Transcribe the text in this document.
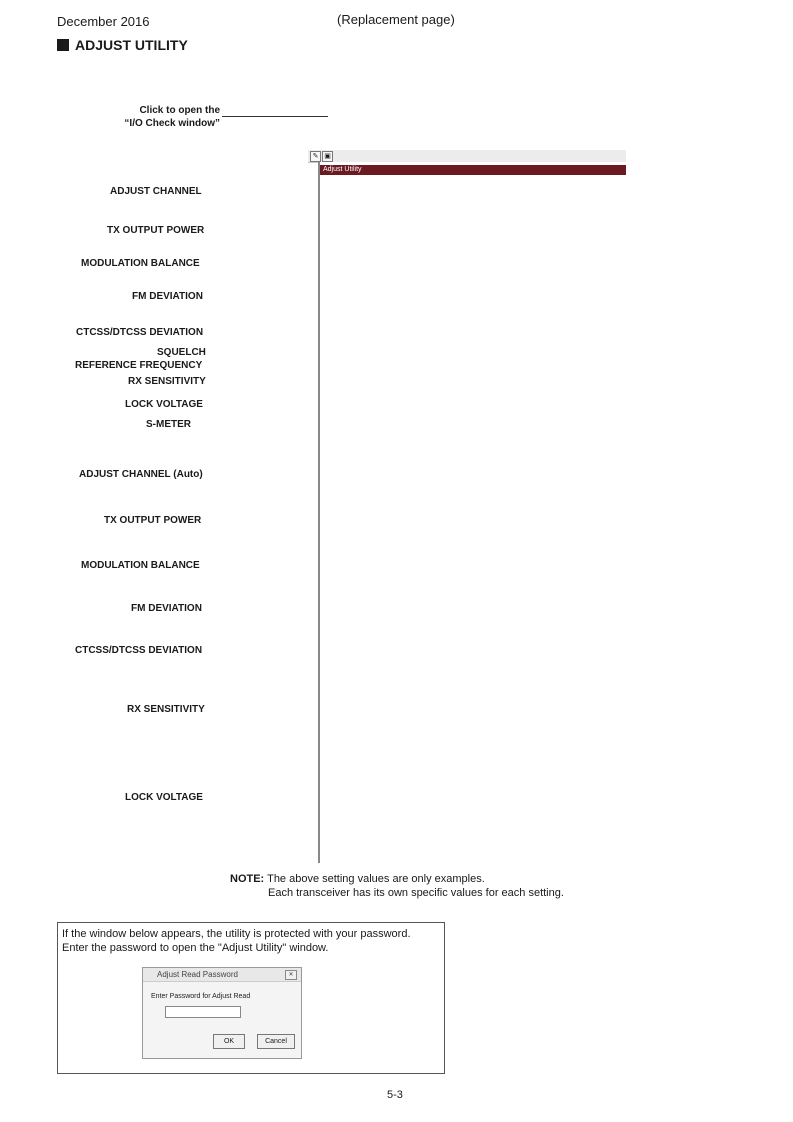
December 2016	(Replacement page)
ADJUST UTILITY
Click to open the “I/O Check window”
✎ ▣
Adjust Utility
ADJUST CHANNEL
TX OUTPUT POWER
MODULATION BALANCE
FM DEVIATION
CTCSS/DTCSS DEVIATION
SQUELCH
REFERENCE FREQUENCY
RX SENSITIVITY
LOCK VOLTAGE
S-METER
ADJUST CHANNEL (Auto)
TX OUTPUT POWER
MODULATION BALANCE
FM DEVIATION
CTCSS/DTCSS DEVIATION
RX SENSITIVITY
LOCK VOLTAGE
NOTE: The above setting values are only examples.
Each transceiver has its own specific values for each setting.
If the window below appears, the utility is protected with your password.
Enter the password to open the "Adjust Utility" window.
Adjust Read Password	✕
Enter Password for Adjust Read
OK	Cancel
5-3
